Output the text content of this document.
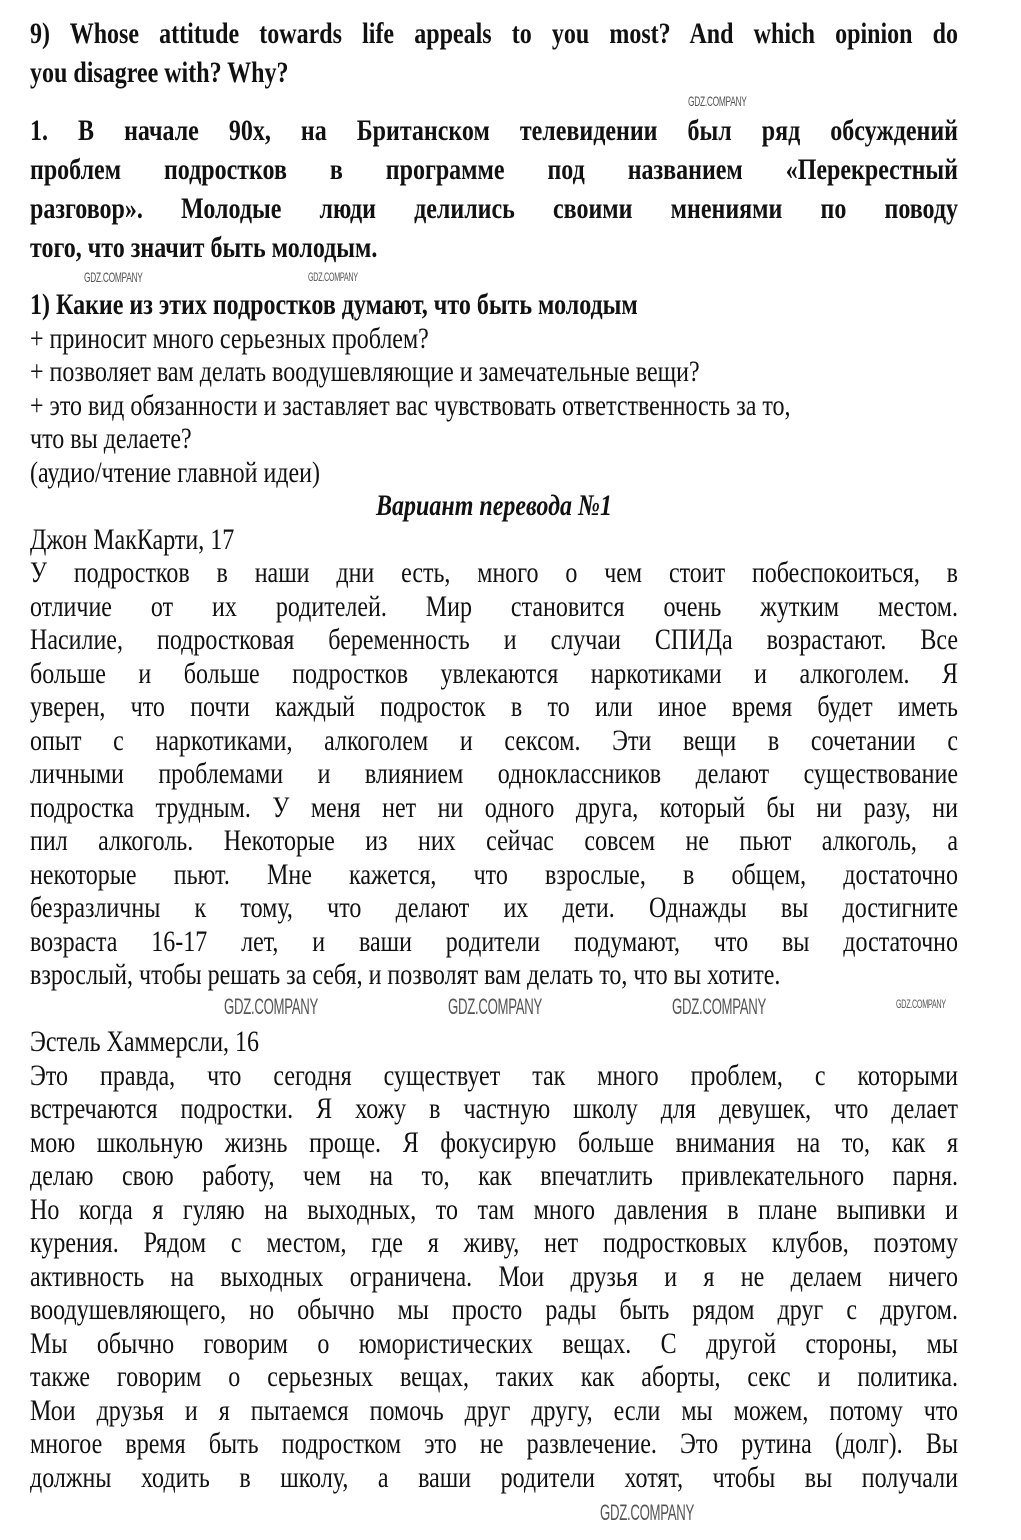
9) Whose attitude towards life appeals to you most? And which opinion do
you disagree with? Why?
1. В начале 90х, на Британском телевидении был ряд обсуждений
проблем подростков в программе под названием «Перекрестный
разговор». Молодые люди делились своими мнениями по поводу
того, что значит быть молодым.
1) Какие из этих подростков думают, что быть молодым
+ приносит много серьезных проблем?
+ позволяет вам делать воодушевляющие и замечательные вещи?
+ это вид обязанности и заставляет вас чувствовать ответственность за то,
что вы делаете?
(аудио/чтение главной идеи)
Вариант перевода №1
Джон МакКарти, 17
У подростков в наши дни есть, много о чем стоит побеспокоиться, в
отличие от их родителей. Мир становится очень жутким местом.
Насилие, подростковая беременность и случаи СПИДа возрастают. Все
больше и больше подростков увлекаются наркотиками и алкоголем. Я
уверен, что почти каждый подросток в то или иное время будет иметь
опыт с наркотиками, алкоголем и сексом. Эти вещи в сочетании с
личными проблемами и влиянием одноклассников делают существование
подростка трудным. У меня нет ни одного друга, который бы ни разу, ни
пил алкоголь. Некоторые из них сейчас совсем не пьют алкоголь, а
некоторые пьют. Мне кажется, что взрослые, в общем, достаточно
безразличны к тому, что делают их дети. Однажды вы достигните
возраста 16-17 лет, и ваши родители подумают, что вы достаточно
взрослый, чтобы решать за себя, и позволят вам делать то, что вы хотите.
Эстель Хаммерсли, 16
Это правда, что сегодня существует так много проблем, с которыми
встречаются подростки. Я хожу в частную школу для девушек, что делает
мою школьную жизнь проще. Я фокусирую больше внимания на то, как я
делаю свою работу, чем на то, как впечатлить привлекательного парня.
Но когда я гуляю на выходных, то там много давления в плане выпивки и
курения. Рядом с местом, где я живу, нет подростковых клубов, поэтому
активность на выходных ограничена. Мои друзья и я не делаем ничего
воодушевляющего, но обычно мы просто рады быть рядом друг с другом.
Мы обычно говорим о юмористических вещах. С другой стороны, мы
также говорим о серьезных вещах, таких как аборты, секс и политика.
Мои друзья и я пытаемся помочь друг другу, если мы можем, потому что
многое время быть подростком это не развлечение. Это рутина (долг). Вы
должны ходить в школу, а ваши родители хотят, чтобы вы получали
GDZ.COMPANY
GDZ.COMPANY	GDZ.COMPANY
GDZ.COMPANY	GDZ.COMPANY	GDZ.COMPANY	GDZ.COMPANY
GDZ.COMPANY
